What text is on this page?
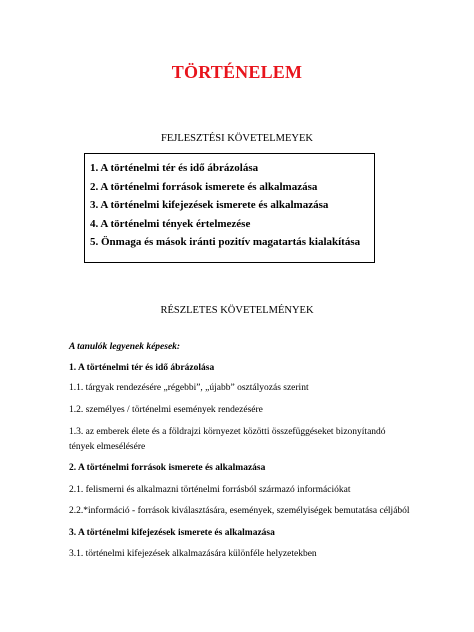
TÖRTÉNELEM
FEJLESZTÉSI KÖVETELMEYEK
1. A történelmi tér és idő ábrázolása
2. A történelmi források ismerete és alkalmazása
3. A történelmi kifejezések ismerete és alkalmazása
4. A történelmi tények értelmezése
5. Önmaga és mások iránti pozitív magatartás kialakítása
RÉSZLETES KÖVETELMÉNYEK
A tanulók legyenek képesek:
1. A történelmi tér és idő ábrázolása
1.1. tárgyak rendezésére „régebbi”, „újabb” osztályozás szerint
1.2. személyes / történelmi események rendezésére
1.3. az emberek élete és a földrajzi környezet közötti összefüggéseket bizonyítandó
tények elmesélésére
2. A történelmi források ismerete és alkalmazása
2.1. felismerni és alkalmazni történelmi forrásból származó információkat
2.2.*információ - források kiválasztására, események, személyiségek bemutatása céljából
3. A történelmi kifejezések ismerete és alkalmazása
3.1. történelmi kifejezések alkalmazására különféle helyzetekben
